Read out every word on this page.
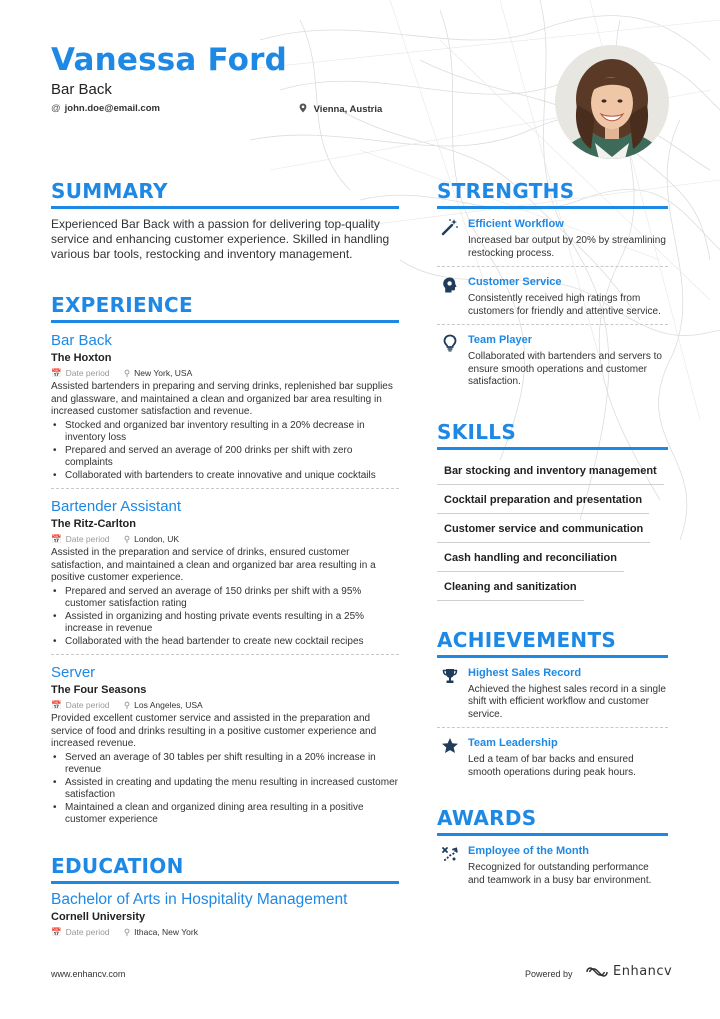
Vanessa Ford
Bar Back
@ john.doe@email.com	Vienna, Austria
SUMMARY
Experienced Bar Back with a passion for delivering top-quality service and enhancing customer experience. Skilled in handling various bar tools, restocking and inventory management.
EXPERIENCE
Bar Back
The Hoxton
📅 Date period ⚲ New York, USA
Assisted bartenders in preparing and serving drinks, replenished bar supplies and glassware, and maintained a clean and organized bar area resulting in increased customer satisfaction and revenue.
• Stocked and organized bar inventory resulting in a 20% decrease in inventory loss
• Prepared and served an average of 200 drinks per shift with zero complaints
• Collaborated with bartenders to create innovative and unique cocktails
Bartender Assistant
The Ritz-Carlton
📅 Date period ⚲ London, UK
Assisted in the preparation and service of drinks, ensured customer satisfaction, and maintained a clean and organized bar area resulting in a positive customer experience.
• Prepared and served an average of 150 drinks per shift with a 95% customer satisfaction rating
• Assisted in organizing and hosting private events resulting in a 25% increase in revenue
• Collaborated with the head bartender to create new cocktail recipes
Server
The Four Seasons
📅 Date period ⚲ Los Angeles, USA
Provided excellent customer service and assisted in the preparation and service of food and drinks resulting in a positive customer experience and increased revenue.
• Served an average of 30 tables per shift resulting in a 20% increase in revenue
• Assisted in creating and updating the menu resulting in increased customer satisfaction
• Maintained a clean and organized dining area resulting in a positive customer experience
EDUCATION
Bachelor of Arts in Hospitality Management
Cornell University
📅 Date period ⚲ Ithaca, New York
STRENGTHS
Efficient Workflow
Increased bar output by 20% by streamlining restocking process.
Customer Service
Consistently received high ratings from customers for friendly and attentive service.
Team Player
Collaborated with bartenders and servers to ensure smooth operations and customer satisfaction.
SKILLS
Bar stocking and inventory management
Cocktail preparation and presentation
Customer service and communication
Cash handling and reconciliation
Cleaning and sanitization
ACHIEVEMENTS
Highest Sales Record
Achieved the highest sales record in a single shift with efficient workflow and customer service.
Team Leadership
Led a team of bar backs and ensured smooth operations during peak hours.
AWARDS
Employee of the Month
Recognized for outstanding performance and teamwork in a busy bar environment.
www.enhancv.com	Powered by	Enhancv
